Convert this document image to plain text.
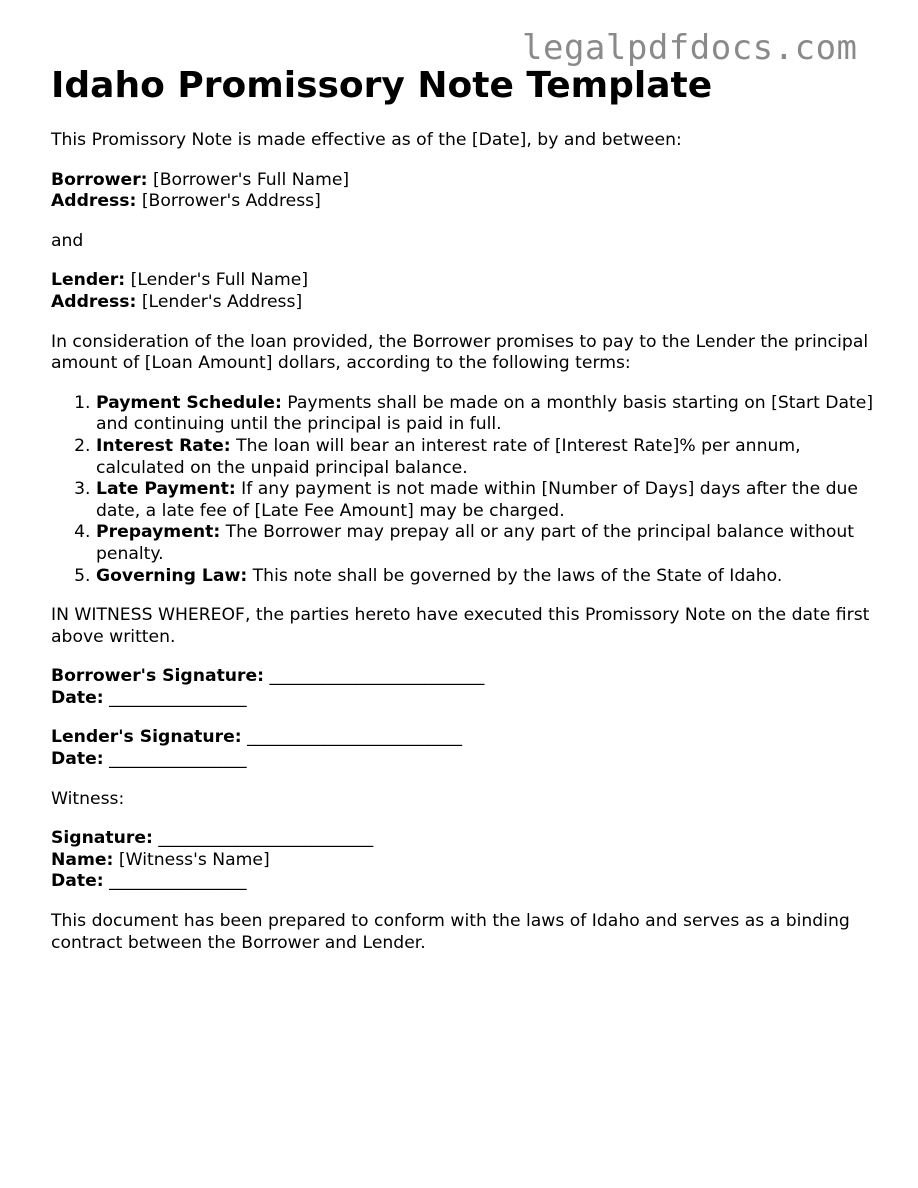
legalpdfdocs.com
Idaho Promissory Note Template

This Promissory Note is made effective as of the [Date], by and between:

Borrower: [Borrower's Full Name]
Address: [Borrower's Address]

and

Lender: [Lender's Full Name]
Address: [Lender's Address]

In consideration of the loan provided, the Borrower promises to pay to the Lender the principal amount of [Loan Amount] dollars, according to the following terms:

1. Payment Schedule: Payments shall be made on a monthly basis starting on [Start Date] and continuing until the principal is paid in full.
2. Interest Rate: The loan will bear an interest rate of [Interest Rate]% per annum, calculated on the unpaid principal balance.
3. Late Payment: If any payment is not made within [Number of Days] days after the due date, a late fee of [Late Fee Amount] may be charged.
4. Prepayment: The Borrower may prepay all or any part of the principal balance without penalty.
5. Governing Law: This note shall be governed by the laws of the State of Idaho.

IN WITNESS WHEREOF, the parties hereto have executed this Promissory Note on the date first above written.

Borrower's Signature: _________________________
Date: ________________

Lender's Signature: _________________________
Date: ________________

Witness:

Signature: _________________________
Name: [Witness's Name]
Date: ________________

This document has been prepared to conform with the laws of Idaho and serves as a binding contract between the Borrower and Lender.
